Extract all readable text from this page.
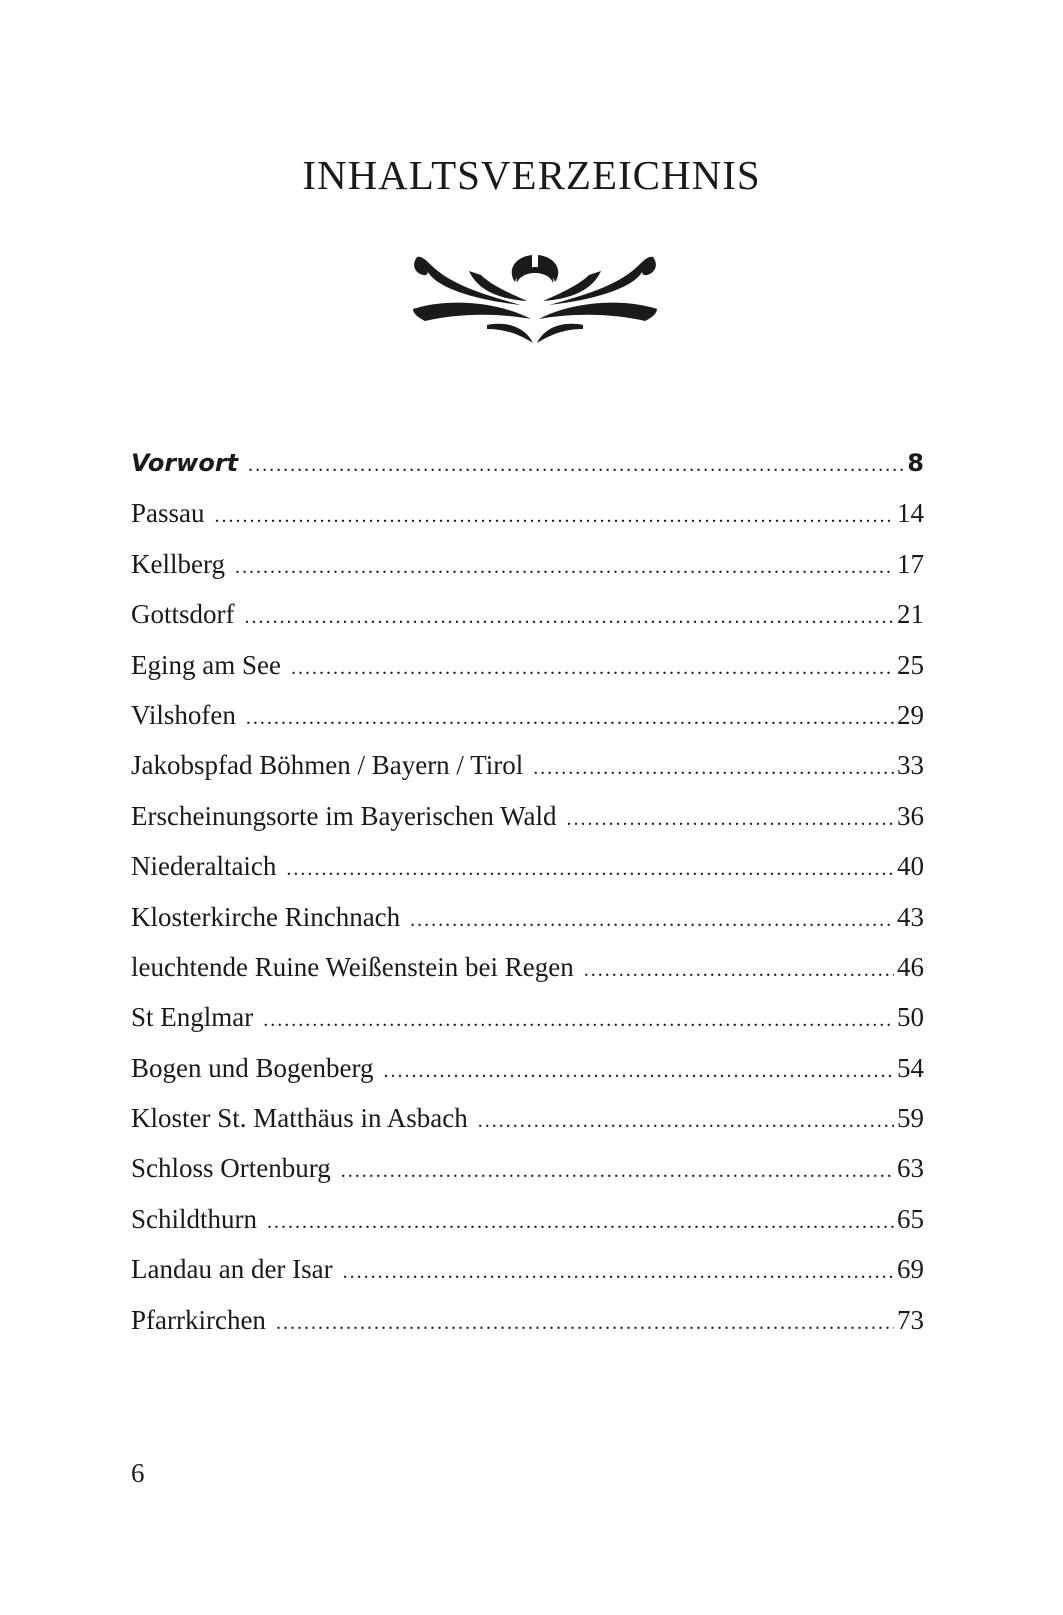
INHALTSVERZEICHNIS
Vorwort .....	8
Passau .....	14
Kellberg .....	17
Gottsdorf .....	21
Eging am See .....	25
Vilshofen .....	29
Jakobspfad Böhmen / Bayern / Tirol .....	33
Erscheinungsorte im Bayerischen Wald .....	36
Niederaltaich .....	40
Klosterkirche Rinchnach .....	43
leuchtende Ruine Weißenstein bei Regen .....	46
St Englmar .....	50
Bogen und Bogenberg .....	54
Kloster St. Matthäus in Asbach .....	59
Schloss Ortenburg .....	63
Schildthurn .....	65
Landau an der Isar .....	69
Pfarrkirchen .....	73
6
